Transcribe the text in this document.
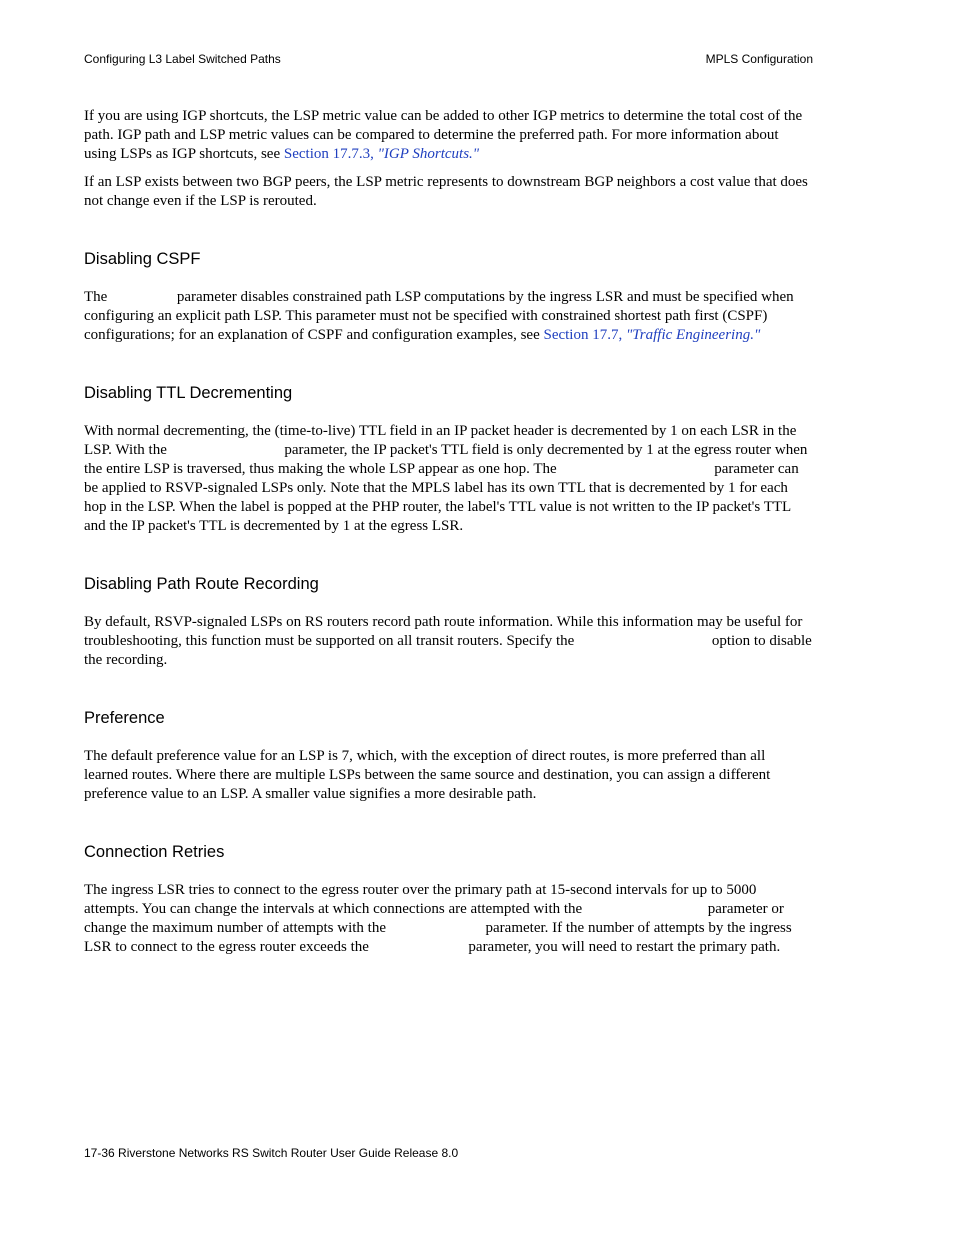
Configuring L3 Label Switched Paths	MPLS Configuration

If you are using IGP shortcuts, the LSP metric value can be added to other IGP metrics to determine the total cost of the path. IGP path and LSP metric values can be compared to determine the preferred path. For more information about using LSPs as IGP shortcuts, see Section 17.7.3, "IGP Shortcuts."

If an LSP exists between two BGP peers, the LSP metric represents to downstream BGP neighbors a cost value that does not change even if the LSP is rerouted.

Disabling CSPF

The	parameter disables constrained path LSP computations by the ingress LSR and must be specified when configuring an explicit path LSP. This parameter must not be specified with constrained shortest path first (CSPF) configurations; for an explanation of CSPF and configuration examples, see Section 17.7, "Traffic Engineering."

Disabling TTL Decrementing

With normal decrementing, the (time-to-live) TTL field in an IP packet header is decremented by 1 on each LSR in the LSP. With the	parameter, the IP packet's TTL field is only decremented by 1 at the egress router when the entire LSP is traversed, thus making the whole LSP appear as one hop. The	parameter can be applied to RSVP-signaled LSPs only. Note that the MPLS label has its own TTL that is decremented by 1 for each hop in the LSP. When the label is popped at the PHP router, the label's TTL value is not written to the IP packet's TTL and the IP packet's TTL is decremented by 1 at the egress LSR.

Disabling Path Route Recording

By default, RSVP-signaled LSPs on RS routers record path route information. While this information may be useful for troubleshooting, this function must be supported on all transit routers. Specify the	option to disable the recording.

Preference

The default preference value for an LSP is 7, which, with the exception of direct routes, is more preferred than all learned routes. Where there are multiple LSPs between the same source and destination, you can assign a different preference value to an LSP. A smaller value signifies a more desirable path.

Connection Retries

The ingress LSR tries to connect to the egress router over the primary path at 15-second intervals for up to 5000 attempts. You can change the intervals at which connections are attempted with the	parameter or change the maximum number of attempts with the	parameter. If the number of attempts by the ingress LSR to connect to the egress router exceeds the	parameter, you will need to restart the primary path.

17-36 Riverstone Networks RS Switch Router User Guide Release 8.0
